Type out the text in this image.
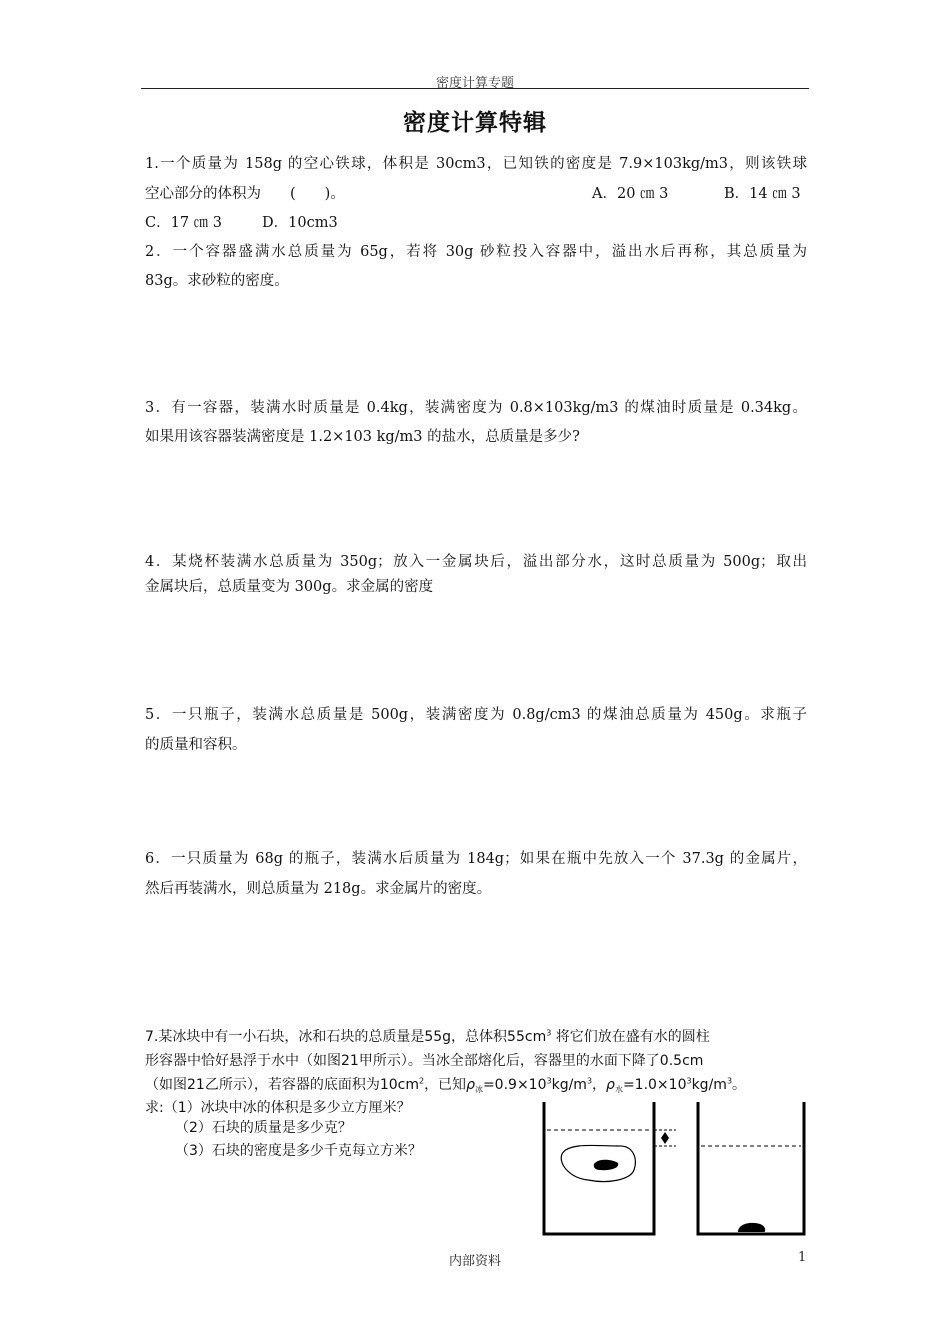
密度计算专题
密度计算特辑
1.一个质量为 158g 的空心铁球，体积是 30cm3，已知铁的密度是 7.9×103kg/m3，则该铁球
空心部分的体积为　　(　　)。	A．20 ㎝ 3	B．14 ㎝ 3
C．17 ㎝ 3	D．10cm3
2．一个容器盛满水总质量为 65g，若将 30g 砂粒投入容器中，溢出水后再称，其总质量为
83g。求砂粒的密度。
3．有一容器，装满水时质量是 0.4kg，装满密度为 0.8×103kg/m3 的煤油时质量是 0.34kg。
如果用该容器装满密度是 1.2×103 kg/m3 的盐水，总质量是多少?
4．某烧杯装满水总质量为 350g；放入一金属块后，溢出部分水，这时总质量为 500g；取出
金属块后，总质量变为 300g。求金属的密度
5．一只瓶子，装满水总质量是 500g，装满密度为 0.8g/cm3 的煤油总质量为 450g。求瓶子
的质量和容积。
6．一只质量为 68g 的瓶子，装满水后质量为 184g；如果在瓶中先放入一个 37.3g 的金属片，
然后再装满水，则总质量为 218g。求金属片的密度。
7.某冰块中有一小石块，冰和石块的总质量是55g，总体积$55cm^3$ 将它们放在盛有水的圆柱
形容器中恰好悬浮于水中（如图21甲所示）。当冰全部熔化后，容器里的水面下降了0.5cm
（如图21乙所示），若容器的底面积为$10cm^2$，已知$\rho_冰=0.9\times 10^3kg/m^3$，$\rho_水=1.0\times 10^3kg/m^3$。
求:（1）冰块中冰的体积是多少立方厘米？
（2）石块的质量是多少克？
（3）石块的密度是多少千克每立方米？
内部资料	1
